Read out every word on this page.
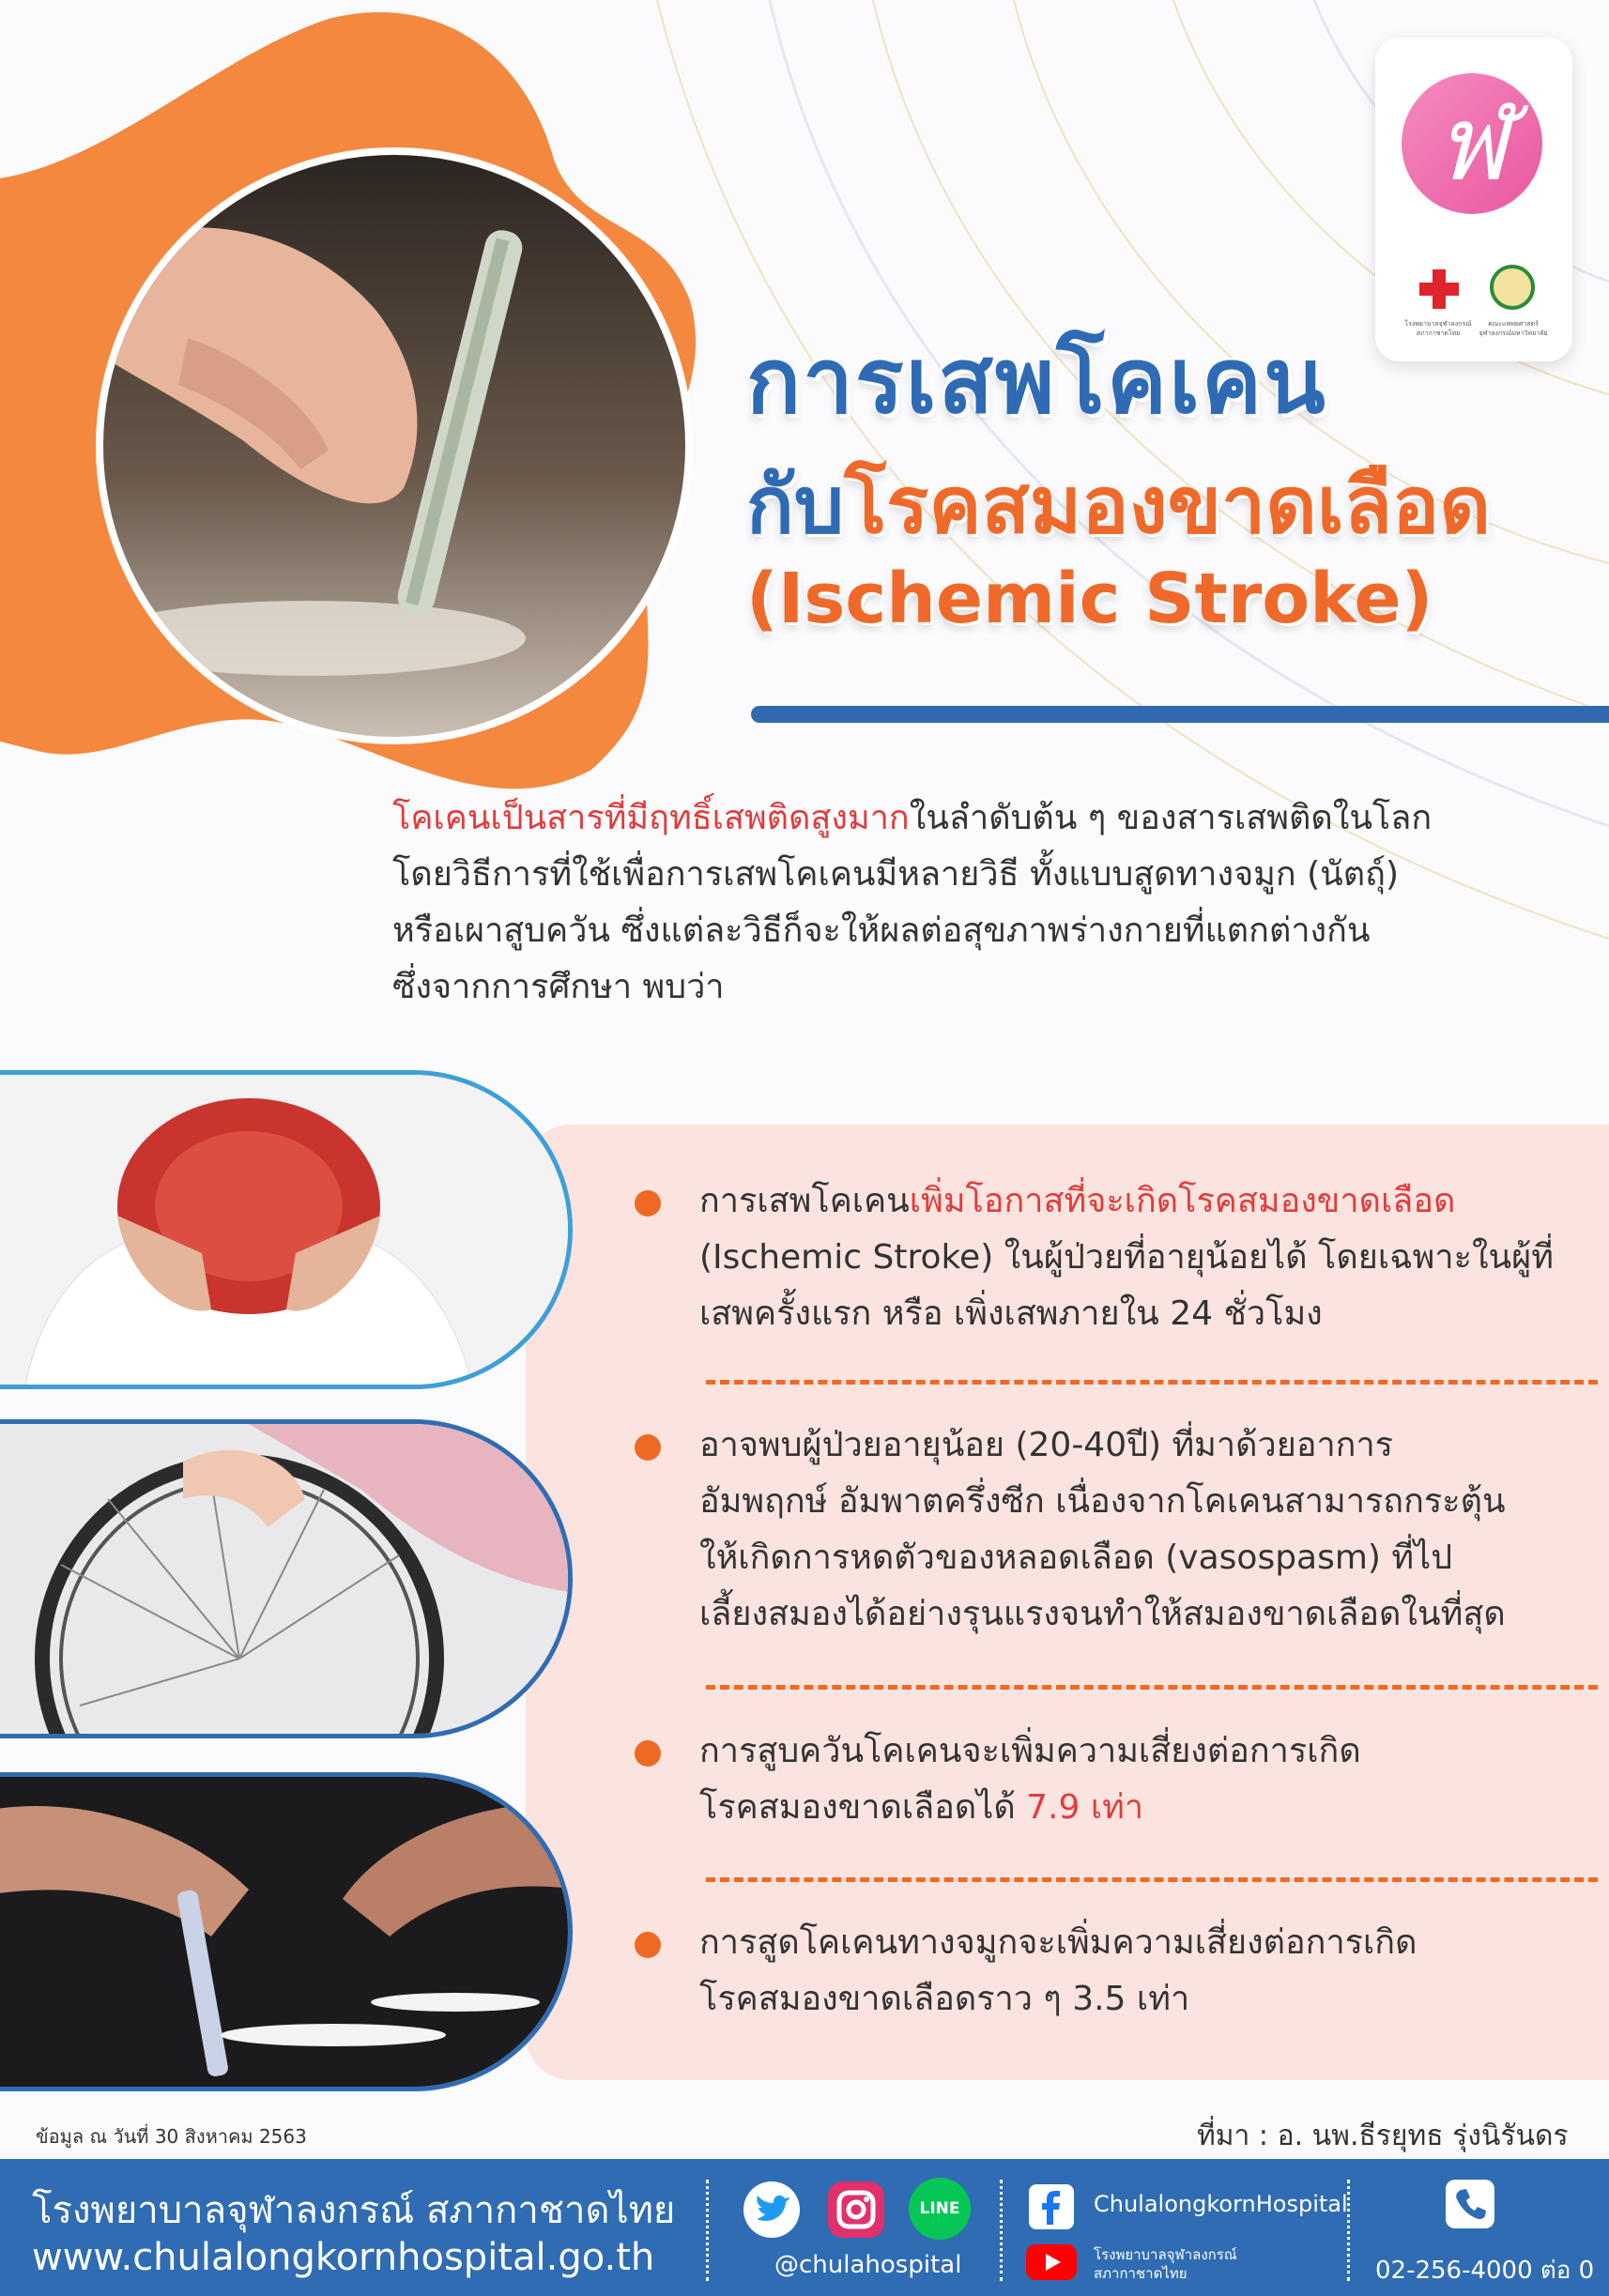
ฬ
โรงพยาบาลจุฬาลงกรณ์ สภากาชาดไทย
คณะแพทยศาสตร์ จุฬาลงกรณ์มหาวิทยาลัย
การเสพโคเคน
กับโรคสมองขาดเลือด
(Ischemic Stroke)
โคเคนเป็นสารที่มีฤทธิ์เสพติดสูงมากในลำดับต้น ๆ ของสารเสพติดในโลก
โดยวิธีการที่ใช้เพื่อการเสพโคเคนมีหลายวิธี ทั้งแบบสูดทางจมูก (นัตถุ์)
หรือเผาสูบควัน ซึ่งแต่ละวิธีก็จะให้ผลต่อสุขภาพร่างกายที่แตกต่างกัน
ซึ่งจากการศึกษา พบว่า
การเสพโคเคนเพิ่มโอกาสที่จะเกิดโรคสมองขาดเลือด
(Ischemic Stroke) ในผู้ป่วยที่อายุน้อยได้ โดยเฉพาะในผู้ที่
เสพครั้งแรก หรือ เพิ่งเสพภายใน 24 ชั่วโมง
อาจพบผู้ป่วยอายุน้อย (20-40ปี) ที่มาด้วยอาการ
อัมพฤกษ์ อัมพาตครึ่งซีก เนื่องจากโคเคนสามารถกระตุ้น
ให้เกิดการหดตัวของหลอดเลือด (vasospasm) ที่ไป
เลี้ยงสมองได้อย่างรุนแรงจนทำให้สมองขาดเลือดในที่สุด
การสูบควันโคเคนจะเพิ่มความเสี่ยงต่อการเกิด
โรคสมองขาดเลือดได้ 7.9 เท่า
การสูดโคเคนทางจมูกจะเพิ่มความเสี่ยงต่อการเกิด
โรคสมองขาดเลือดราว ๆ 3.5 เท่า
ข้อมูล ณ วันที่ 30 สิงหาคม 2563	ที่มา : อ. นพ.ธีรยุทธ รุ่งนิรันดร
โรงพยาบาลจุฬาลงกรณ์ สภากาชาดไทย
www.chulalongkornhospital.go.th
LINE
@chulahospital
ChulalongkornHospital
โรงพยาบาลจุฬาลงกรณ์ สภากาชาดไทย	02-256-4000 ต่อ 0
